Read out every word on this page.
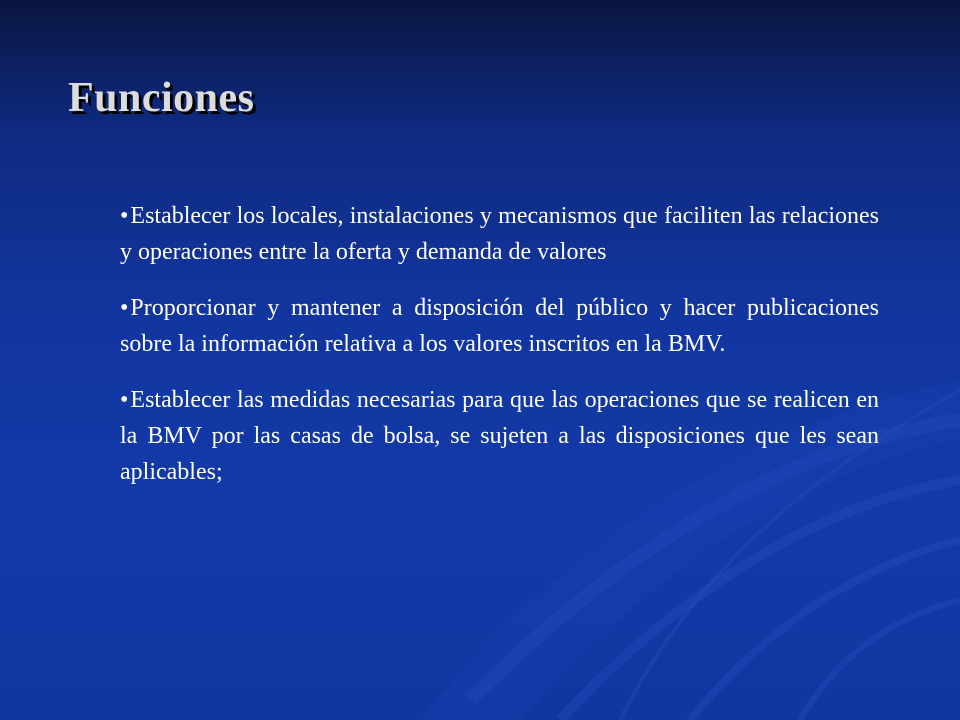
Funciones
•Establecer los locales, instalaciones y mecanismos que faciliten las relaciones y operaciones entre la oferta y demanda de valores
•Proporcionar y mantener a disposición del público y hacer publicaciones sobre la información relativa a los valores inscritos en la BMV.
•Establecer las medidas necesarias para que las operaciones que se realicen en la BMV por las casas de bolsa, se sujeten a las disposiciones que les sean aplicables;
